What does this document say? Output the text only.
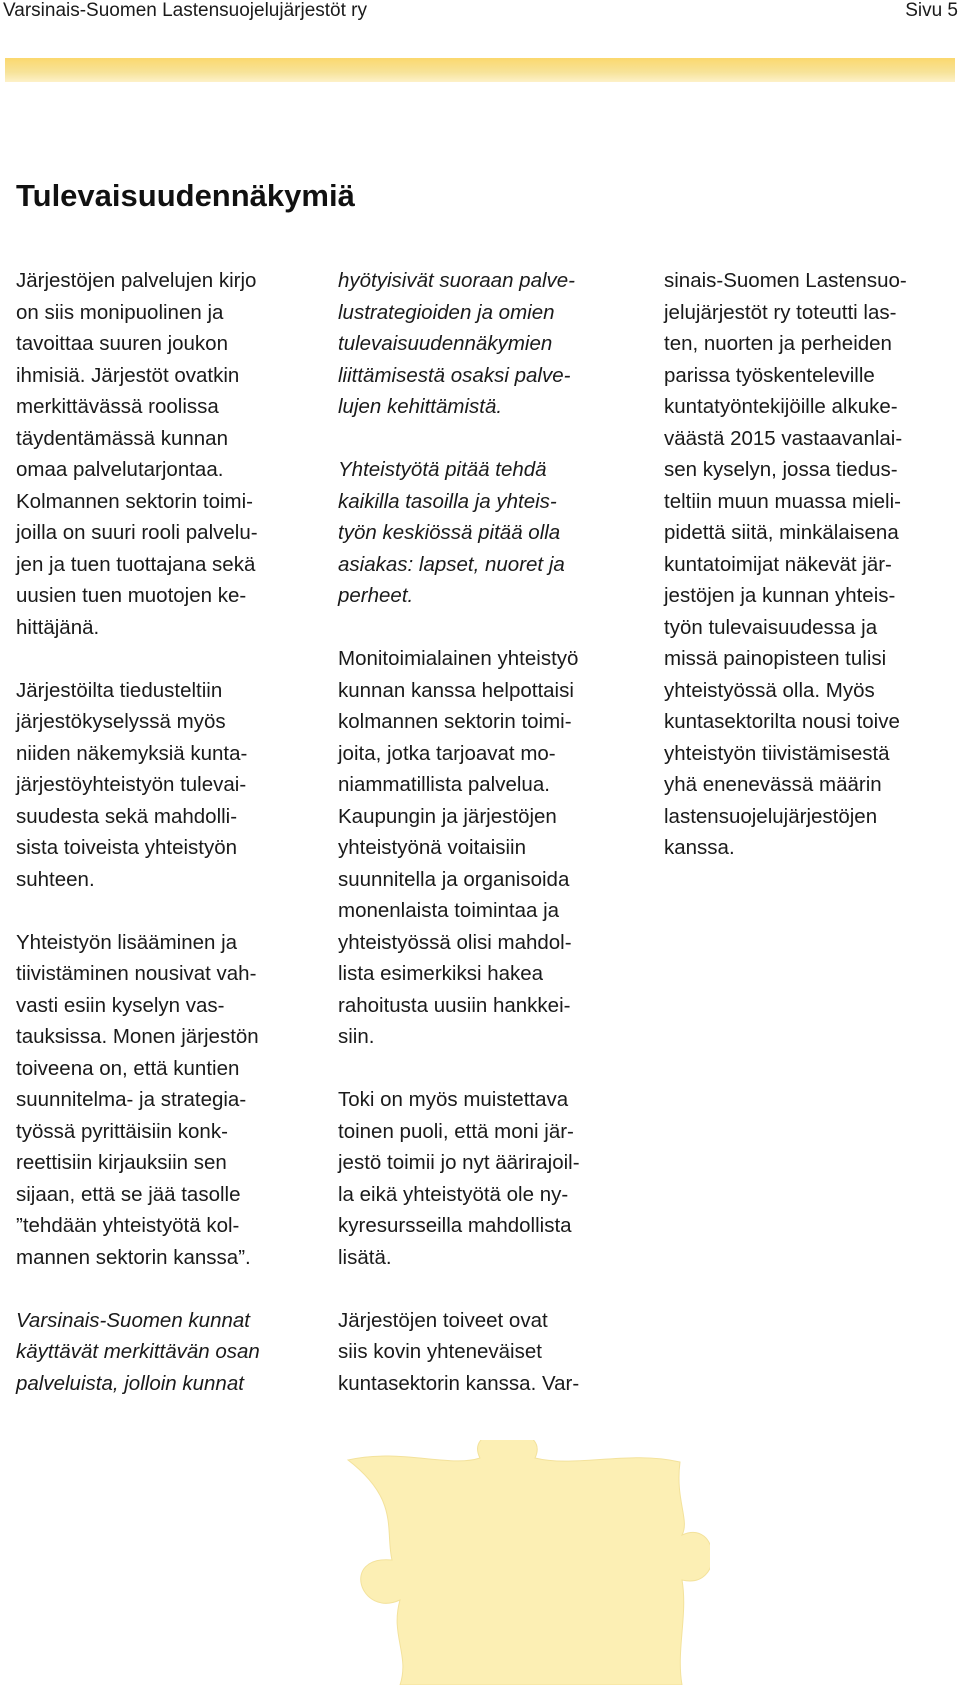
Varsinais-Suomen Lastensuojelujärjestöt ry	Sivu 5
Tulevaisuudennäkymiä

Järjestöjen palvelujen kirjo
on siis monipuolinen ja
tavoittaa suuren joukon
ihmisiä. Järjestöt ovatkin
merkittävässä roolissa
täydentämässä kunnan
omaa palvelutarjontaa.
Kolmannen sektorin toimi-
joilla on suuri rooli palvelu-
jen ja tuen tuottajana sekä
uusien tuen muotojen ke-
hittäjänä.

Järjestöilta tiedusteltiin
järjestökyselyssä myös
niiden näkemyksiä kunta-
järjestöyhteistyön tulevai-
suudesta sekä mahdolli-
sista toiveista yhteistyön
suhteen.

Yhteistyön lisääminen ja
tiivistäminen nousivat vah-
vasti esiin kyselyn vas-
tauksissa. Monen järjestön
toiveena on, että kuntien
suunnitelma- ja strategia-
työssä pyrittäisiin konk-
reettisiin kirjauksiin sen
sijaan, että se jää tasolle
”tehdään yhteistyötä kol-
mannen sektorin kanssa”.

Varsinais-Suomen kunnat
käyttävät merkittävän osan
palveluista, jolloin kunnat

hyötyisivät suoraan palve-
lustrategioiden ja omien
tulevaisuudennäkymien
liittämisestä osaksi palve-
lujen kehittämistä.

Yhteistyötä pitää tehdä
kaikilla tasoilla ja yhteis-
työn keskiössä pitää olla
asiakas: lapset, nuoret ja
perheet.

Monitoimialainen yhteistyö
kunnan kanssa helpottaisi
kolmannen sektorin toimi-
joita, jotka tarjoavat mo-
niammatillista palvelua.
Kaupungin ja järjestöjen
yhteistyönä voitaisiin
suunnitella ja organisoida
monenlaista toimintaa ja
yhteistyössä olisi mahdol-
lista esimerkiksi hakea
rahoitusta uusiin hankkei-
siin.

Toki on myös muistettava
toinen puoli, että moni jär-
jestö toimii jo nyt äärirajoil-
la eikä yhteistyötä ole ny-
kyresursseilla mahdollista
lisätä.

Järjestöjen toiveet ovat
siis kovin yhteneväiset
kuntasektorin kanssa. Var-

sinais-Suomen Lastensuo-
jelujärjestöt ry toteutti las-
ten, nuorten ja perheiden
parissa työskenteleville
kuntatyöntekijöille alkuke-
väästä 2015 vastaavanlai-
sen kyselyn, jossa tiedus-
teltiin muun muassa mieli-
pidettä siitä, minkälaisena
kuntatoimijat näkevät jär-
jestöjen ja kunnan yhteis-
työn tulevaisuudessa ja
missä painopisteen tulisi
yhteistyössä olla. Myös
kuntasektorilta nousi toive
yhteistyön tiivistämisestä
yhä enenevässä määrin
lastensuojelujärjestöjen
kanssa.
